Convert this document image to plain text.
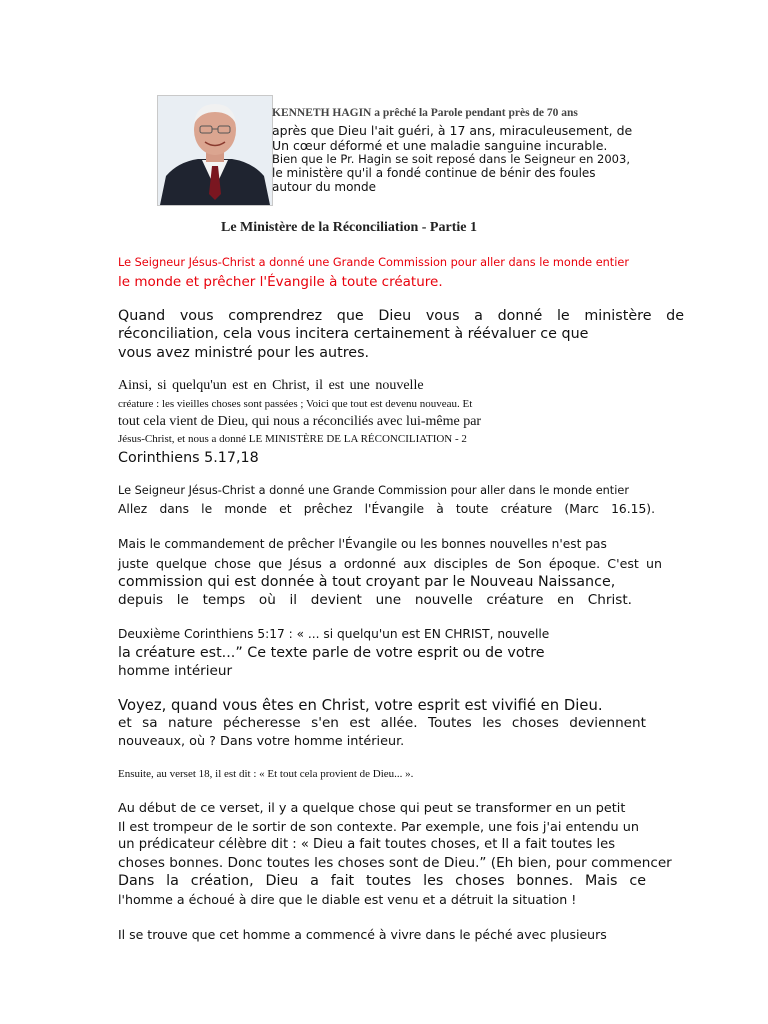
KENNETH HAGIN a prêché la Parole pendant près de 70 ans
après que Dieu l'ait guéri, à 17 ans, miraculeusement, de
Un cœur déformé et une maladie sanguine incurable.
Bien que le Pr. Hagin se soit reposé dans le Seigneur en 2003,
le ministère qu'il a fondé continue de bénir des foules
autour du monde
Le Ministère de la Réconciliation - Partie 1
Le Seigneur Jésus-Christ a donné une Grande Commission pour aller dans le monde entier
le monde et prêcher l'Évangile à toute créature.
Quand vous comprendrez que Dieu vous a donné le ministère de
réconciliation, cela vous incitera certainement à réévaluer ce que
vous avez ministré pour les autres.
Ainsi, si quelqu'un est en Christ, il est une nouvelle
créature : les vieilles choses sont passées ; Voici que tout est devenu nouveau. Et
tout cela vient de Dieu, qui nous a réconciliés avec lui-même par
Jésus-Christ, et nous a donné LE MINISTÈRE DE LA RÉCONCILIATION - 2
Corinthiens 5.17,18
Le Seigneur Jésus-Christ a donné une Grande Commission pour aller dans le monde entier
Allez dans le monde et prêchez l'Évangile à toute créature (Marc 16.15).
Mais le commandement de prêcher l'Évangile ou les bonnes nouvelles n'est pas
juste quelque chose que Jésus a ordonné aux disciples de Son époque. C'est un
commission qui est donnée à tout croyant par le Nouveau Naissance,
depuis le temps où il devient une nouvelle créature en Christ.
Deuxième Corinthiens 5:17 : « ... si quelqu'un est EN CHRIST, nouvelle
la créature est...” Ce texte parle de votre esprit ou de votre
homme intérieur
Voyez, quand vous êtes en Christ, votre esprit est vivifié en Dieu.
et sa nature pécheresse s'en est allée. Toutes les choses deviennent
nouveaux, où ? Dans votre homme intérieur.
Ensuite, au verset 18, il est dit : « Et tout cela provient de Dieu... ».
Au début de ce verset, il y a quelque chose qui peut se transformer en un petit
Il est trompeur de le sortir de son contexte. Par exemple, une fois j'ai entendu un
un prédicateur célèbre dit : « Dieu a fait toutes choses, et Il a fait toutes les
choses bonnes. Donc toutes les choses sont de Dieu.” (Eh bien, pour commencer
Dans la création, Dieu a fait toutes les choses bonnes. Mais ce
l'homme a échoué à dire que le diable est venu et a détruit la situation !
Il se trouve que cet homme a commencé à vivre dans le péché avec plusieurs
